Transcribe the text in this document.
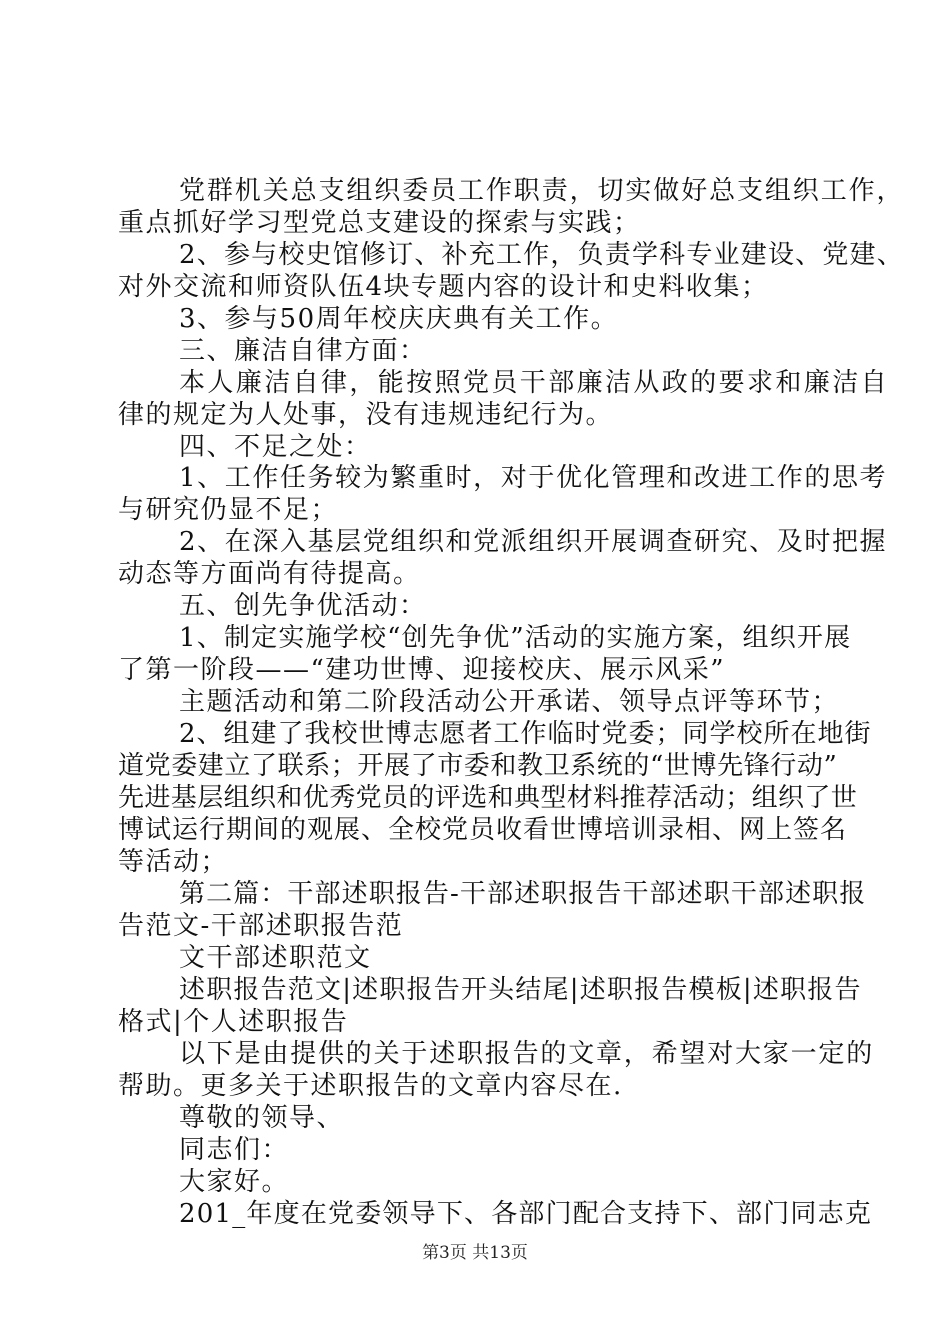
党群机关总支组织委员工作职责，切实做好总支组织工作，
重点抓好学习型党总支建设的探索与实践；
2、参与校史馆修订、补充工作，负责学科专业建设、党建、
对外交流和师资队伍4块专题内容的设计和史料收集；
3、参与50周年校庆庆典有关工作。
三、廉洁自律方面：
本人廉洁自律，能按照党员干部廉洁从政的要求和廉洁自
律的规定为人处事，没有违规违纪行为。
四、不足之处：
1、工作任务较为繁重时，对于优化管理和改进工作的思考
与研究仍显不足；
2、在深入基层党组织和党派组织开展调查研究、及时把握
动态等方面尚有待提高。
五、创先争优活动：
1、制定实施学校“创先争优”活动的实施方案，组织开展
了第一阶段——“建功世博、迎接校庆、展示风采”
主题活动和第二阶段活动公开承诺、领导点评等环节；
2、组建了我校世博志愿者工作临时党委；同学校所在地街
道党委建立了联系；开展了市委和教卫系统的“世博先锋行动”
先进基层组织和优秀党员的评选和典型材料推荐活动；组织了世
博试运行期间的观展、全校党员收看世博培训录相、网上签名
等活动；
第二篇：干部述职报告-干部述职报告干部述职干部述职报
告范文-干部述职报告范
文干部述职范文
述职报告范文|述职报告开头结尾|述职报告模板|述职报告
格式|个人述职报告
以下是由提供的关于述职报告的文章，希望对大家一定的
帮助。更多关于述职报告的文章内容尽在.
尊敬的领导、
同志们：
大家好。
201_年度在党委领导下、各部门配合支持下、部门同志克
第3页 共13页
